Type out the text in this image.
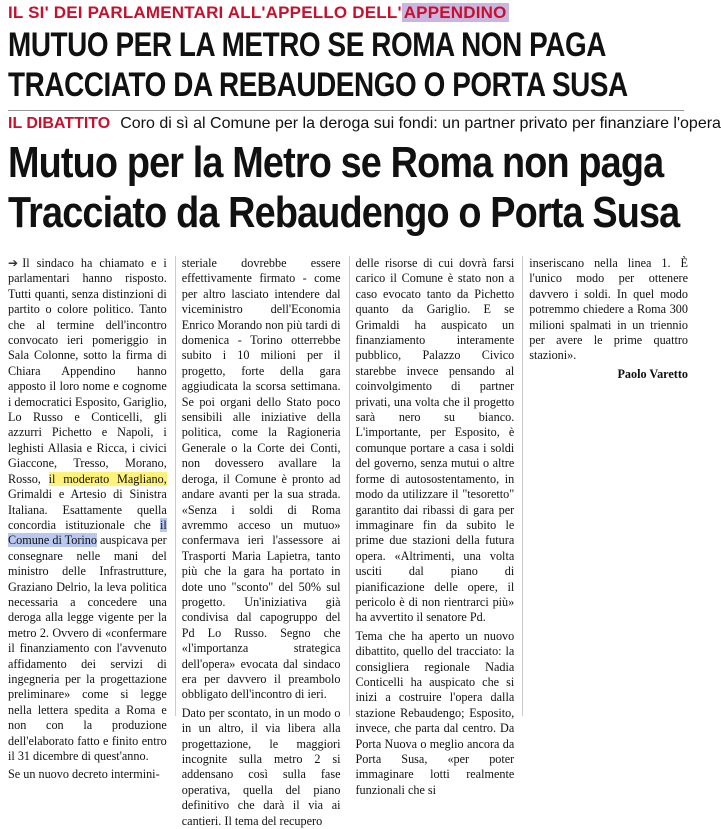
IL SI' DEI PARLAMENTARI ALL'APPELLO DELL' APPENDINO
MUTUO PER LA METRO SE ROMA NON PAGA
TRACCIATO DA REBAUDENGO O PORTA SUSA
IL DIBATTITO Coro di sì al Comune per la deroga sui fondi: un partner privato per finanziare l'opera
Mutuo per la Metro se Roma non paga
Tracciato da Rebaudengo o Porta Susa

➔ Il sindaco ha chiamato e i parlamentari hanno risposto. Tutti quanti, senza distinzioni di partito o colore politico. Tanto che al termine dell'incontro convocato ieri pomeriggio in Sala Colonne, sotto la firma di Chiara Appendino hanno apposto il loro nome e cognome i democratici Esposito, Gariglio, Lo Russo e Conticelli, gli azzurri Pichetto e Napoli, i leghisti Allasia e Ricca, i civici Giaccone, Tresso, Morano, Rosso, il moderato Magliano, Grimaldi e Artesio di Sinistra Italiana. Esattamente quella concordia istituzionale che il Comune di Torino auspicava per consegnare nelle mani del ministro delle Infrastrutture, Graziano Delrio, la leva politica necessaria a concedere una deroga alla legge vigente per la metro 2. Ovvero di «confermare il finanziamento con l'avvenuto affidamento dei servizi di ingegneria per la progettazione preliminare» come si legge nella lettera spedita a Roma e non con la produzione dell'elaborato fatto e finito entro il 31 dicembre di quest'anno.

Se un nuovo decreto intermini-

steriale dovrebbe essere effettivamente firmato - come per altro lasciato intendere dal viceministro dell'Economia Enrico Morando non più tardi di domenica - Torino otterrebbe subito i 10 milioni per il progetto, forte della gara aggiudicata la scorsa settimana. Se poi organi dello Stato poco sensibili alle iniziative della politica, come la Ragioneria Generale o la Corte dei Conti, non dovessero avallare la deroga, il Comune è pronto ad andare avanti per la sua strada. «Senza i soldi di Roma avremmo acceso un mutuo» confermava ieri l'assessore ai Trasporti Maria Lapietra, tanto più che la gara ha portato in dote uno "sconto" del 50% sul progetto. Un'iniziativa già condivisa dal capogruppo del Pd Lo Russo. Segno che «l'importanza strategica dell'opera» evocata dal sindaco era per davvero il preambolo obbligato dell'incontro di ieri.

Dato per scontato, in un modo o in un altro, il via libera alla progettazione, le maggiori incognite sulla metro 2 si addensano così sulla fase operativa, quella del piano definitivo che darà il via ai cantieri. Il tema del recupero

delle risorse di cui dovrà farsi carico il Comune è stato non a caso evocato tanto da Pichetto quanto da Gariglio. E se Grimaldi ha auspicato un finanziamento interamente pubblico, Palazzo Civico starebbe invece pensando al coinvolgimento di partner privati, una volta che il progetto sarà nero su bianco. L'importante, per Esposito, è comunque portare a casa i soldi del governo, senza mutui o altre forme di autosostentamento, in modo da utilizzare il "tesoretto" garantito dai ribassi di gara per immaginare fin da subito le prime due stazioni della futura opera. «Altrimenti, una volta usciti dal piano di pianificazione delle opere, il pericolo è di non rientrarci più» ha avvertito il senatore Pd.

Tema che ha aperto un nuovo dibattito, quello del tracciato: la consigliera regionale Nadia Conticelli ha auspicato che si inizi a costruire l'opera dalla stazione Rebaudengo; Esposito, invece, che parta dal centro. Da Porta Nuova o meglio ancora da Porta Susa, «per poter immaginare lotti realmente funzionali che si

inseriscano nella linea 1. È l'unico modo per ottenere davvero i soldi. In quel modo potremmo chiedere a Roma 300 milioni spalmati in un triennio per avere le prime quattro stazioni».

Paolo Varetto
